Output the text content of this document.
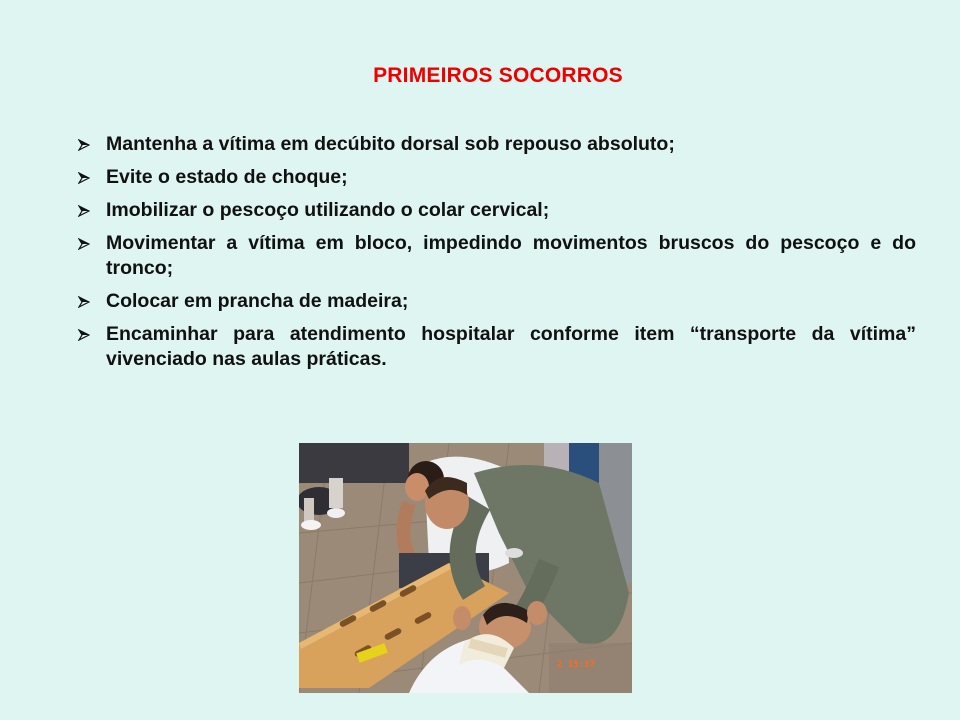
PRIMEIROS SOCORROS
Mantenha a vítima em decúbito dorsal sob repouso absoluto;
Evite o estado de choque;
Imobilizar o pescoço utilizando o colar cervical;
Movimentar a vítima em bloco, impedindo movimentos bruscos do pescoço e do tronco;
Colocar em prancha de madeira;
Encaminhar para atendimento hospitalar conforme item “transporte da vítima” vivenciado nas aulas práticas.
2 15:37
